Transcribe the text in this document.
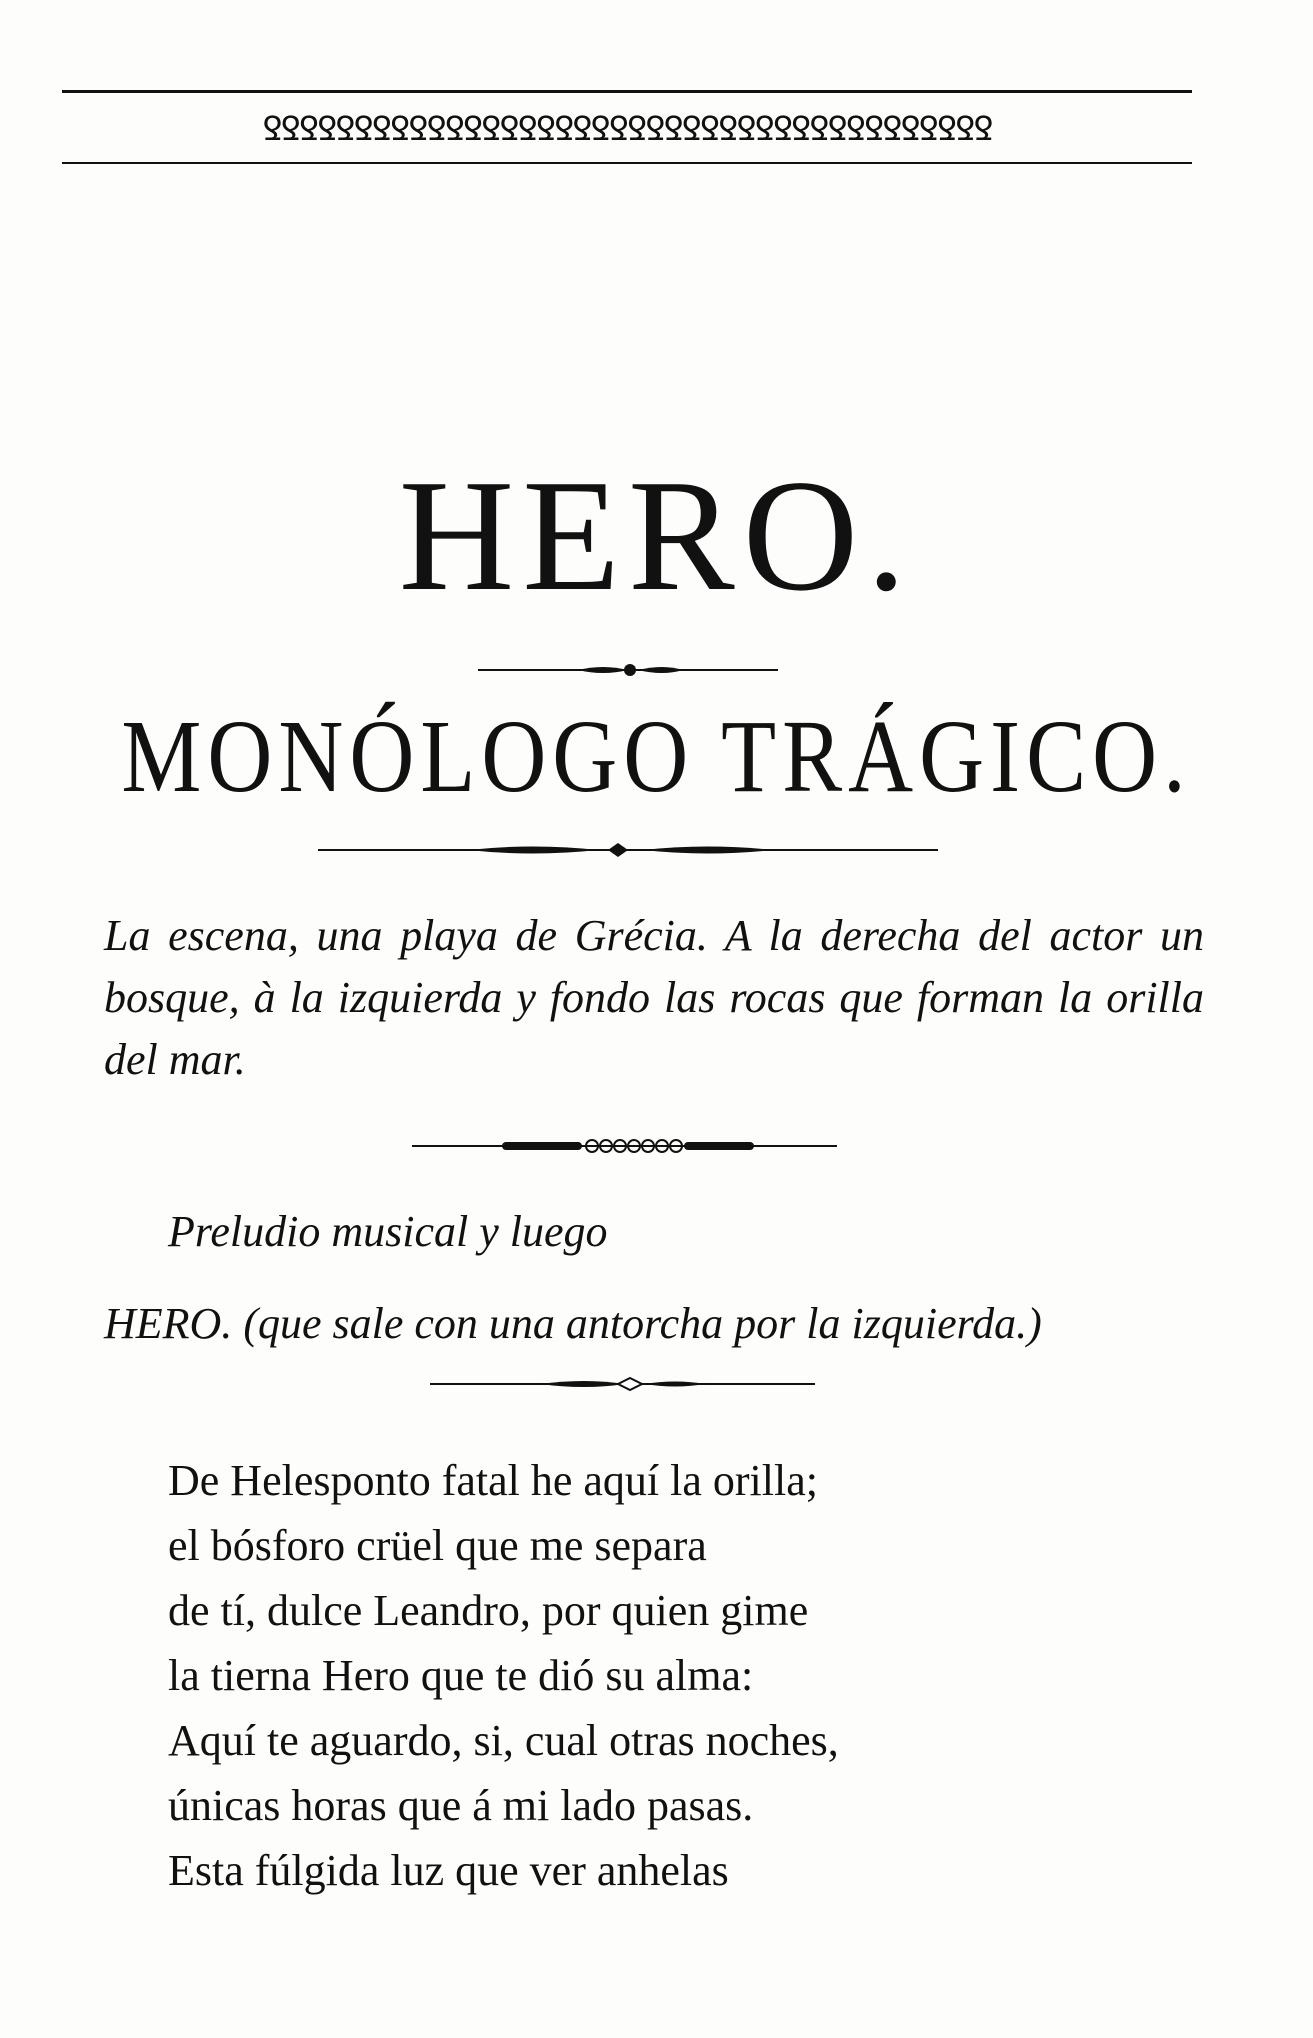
ꝾꝾꝾꝾꝾꝾꝾꝾꝾꝾꝾꝾꝾꝾꝾꝾꝾꝾꝾꝾꝾꝾꝾꝾꝾꝾꝾꝾꝾꝾꝾꝾꝾꝾꝾꝾꝾꝾꝾꝾ
HERO.
MONÓLOGO TRÁGICO.
La escena, una playa de Grécia. A la derecha del actor un bosque, à la izquierda y fondo las rocas que forman la orilla del mar.
Preludio musical y luego
HERO. (que sale con una antorcha por la izquierda.)
De Helesponto fatal he aquí la orilla;
el bósforo crüel que me separa
de tí, dulce Leandro, por quien gime
la tierna Hero que te dió su alma:
Aquí te aguardo, si, cual otras noches,
únicas horas que á mi lado pasas.
Esta fúlgida luz que ver anhelas
